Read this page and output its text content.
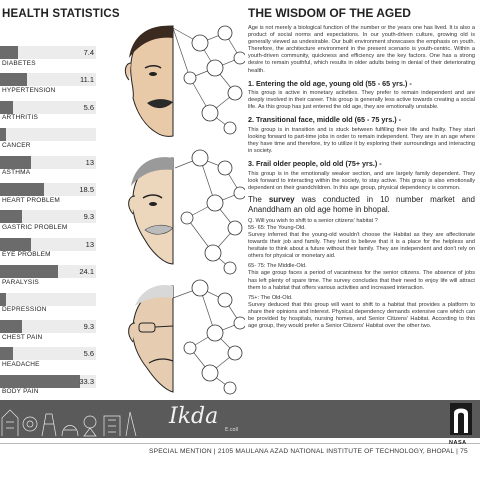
HEALTH STATISTICS
7.4
DIABETES
11.1
HYPERTENSION
5.6
ARTHRITIS
CANCER
13
ASTHMA
18.5
HEART PROBLEM
9.3
GASTRIC PROBLEM
13
EYE PROBLEM
24.1
PARALYSIS
DEPRESSION
9.3
CHEST PAIN
5.6
HEADACHE
33.3
BODY PAIN
THE WISDOM OF THE AGED

Age is not merely a biological function of the number or the years one has lived. It is also a product of social norms and expectations. In our youth-driven culture, growing old is generally viewed as undesirable. Our built environment showcases the emphasis on youth. Therefore, the architecture environment in the present scenario is youth-centric. Within a youth-driven community, quickness and efficiency are the key factors. One has a strong desire to remain youthful, which results in older adults being in denial of their deteriorating health.

1. Entering the old age, young old (55 - 65 yrs.) -

This group is active in monetary activities. They prefer to remain independent and are deeply involved in their career. This group is generally less active towards creating a social life. As this group has just entered the old age, they are emotionally unstable.

2. Transitional face, middle old (65 - 75 yrs.) -

This group is in transition and is stuck between fulfilling their life and frailty. They start looking forward to part-time jobs in order to remain independent. They are in an age where they have time and therefore, try to utilize it by exploring their surroundings and interacting in society.

3. Frail older people, old old (75+ yrs.) -

This group is in the emotionally weaker section, and are largely family dependent. They look forward to interacting within the society, to stay active. This group is also emotionally dependent on their grandchildren. In this age group, physical dependency is common.

The survey was conducted in 10 number market and Ananddham an old age home in bhopal.

Q. Will you wish to shift to a senior citizens' habitat ?
55- 65: The Young-Old.

Survey inferred that the young-old wouldn't choose the Habitat as they are affectionate towards their job and family. They tend to believe that it is a place for the helpless and hesitate to think about a future without their family. They are independent and don't rely on others for physical or monetary aid.

65- 75: The Middle-Old.

This age group faces a period of vacantness for the senior citizens. The absence of jobs has left plenty of spare time. The survey concludes that their need to enjoy life will attract them to a habitat that offers various activities and increased interaction.

75+: The Old-Old.

Survey deduced that this group will want to shift to a habitat that provides a platform to share their opinions and interest. Physical dependency demands extensive care which can be provided by hospitals, nursing homes, and Senior Citizens' Habitat. According to this age group, they would prefer a Senior Citizens' Habitat over the other two.

Ikda
E.coll
SPECIAL MENTION | 2105 MAULANA AZAD NATIONAL INSTITUTE OF TECHNOLOGY, BHOPAL | 75
NASA
